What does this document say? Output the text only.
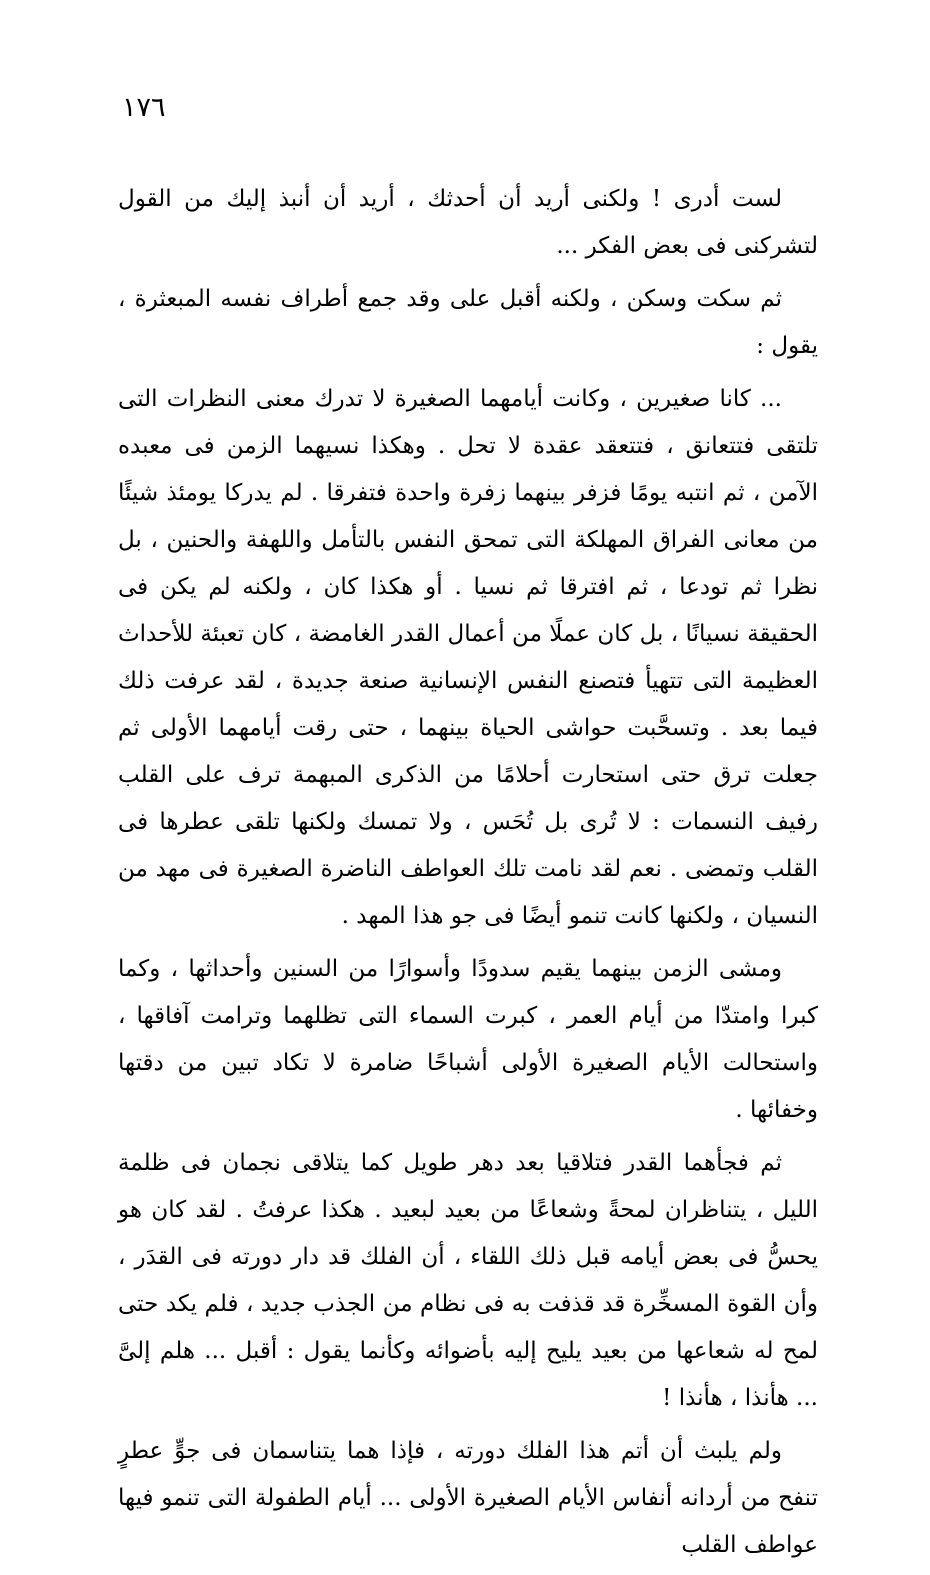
١٧٦

لست أدرى ! ولكنى أريد أن أحدثك ، أريد أن أنبذ إليك من القول لتشركنى فى بعض الفكر ...

ثم سكت وسكن ، ولكنه أقبل على وقد جمع أطراف نفسه المبعثرة ، يقول :

... كانا صغيرين ، وكانت أيامهما الصغيرة لا تدرك معنى النظرات التى تلتقى فتتعانق ، فتتعقد عقدة لا تحل . وهكذا نسيهما الزمن فى معبده الآمن ، ثم انتبه يومًا فزفر بينهما زفرة واحدة فتفرقا . لم يدركا يومئذ شيئًا من معانى الفراق المهلكة التى تمحق النفس بالتأمل واللهفة والحنين ، بل نظرا ثم تودعا ، ثم افترقا ثم نسيا . أو هكذا كان ، ولكنه لم يكن فى الحقيقة نسيانًا ، بل كان عملًا من أعمال القدر الغامضة ، كان تعبئة للأحداث العظيمة التى تتهيأ فتصنع النفس الإنسانية صنعة جديدة ، لقد عرفت ذلك فيما بعد . وتسحَّبت حواشى الحياة بينهما ، حتى رقت أيامهما الأولى ثم جعلت ترق حتى استحارت أحلامًا من الذكرى المبهمة ترف على القلب رفيف النسمات : لا تُرى بل تُحَس ، ولا تمسك ولكنها تلقى عطرها فى القلب وتمضى . نعم لقد نامت تلك العواطف الناضرة الصغيرة فى مهد من النسيان ، ولكنها كانت تنمو أيضًا فى جو هذا المهد .

ومشى الزمن بينهما يقيم سدودًا وأسوارًا من السنين وأحداثها ، وكما كبرا وامتدّا من أيام العمر ، كبرت السماء التى تظلهما وترامت آفاقها ، واستحالت الأيام الصغيرة الأولى أشباحًا ضامرة لا تكاد تبين من دقتها وخفائها .

ثم فجأهما القدر فتلاقيا بعد دهر طويل كما يتلاقى نجمان فى ظلمة الليل ، يتناظران لمحةً وشعاعًا من بعيد لبعيد . هكذا عرفتُ . لقد كان هو يحسُّ فى بعض أيامه قبل ذلك اللقاء ، أن الفلك قد دار دورته فى القدَر ، وأن القوة المسخِّرة قد قذفت به فى نظام من الجذب جديد ، فلم يكد حتى لمح له شعاعها من بعيد يليح إليه بأضوائه وكأنما يقول : أقبل ... هلم إلىَّ ... هأنذا ، هأنذا !

ولم يلبث أن أتم هذا الفلك دورته ، فإذا هما يتناسمان فى جوٍّ عطرٍ تنفح من أردانه أنفاس الأيام الصغيرة الأولى ... أيام الطفولة التى تنمو فيها عواطف القلب
